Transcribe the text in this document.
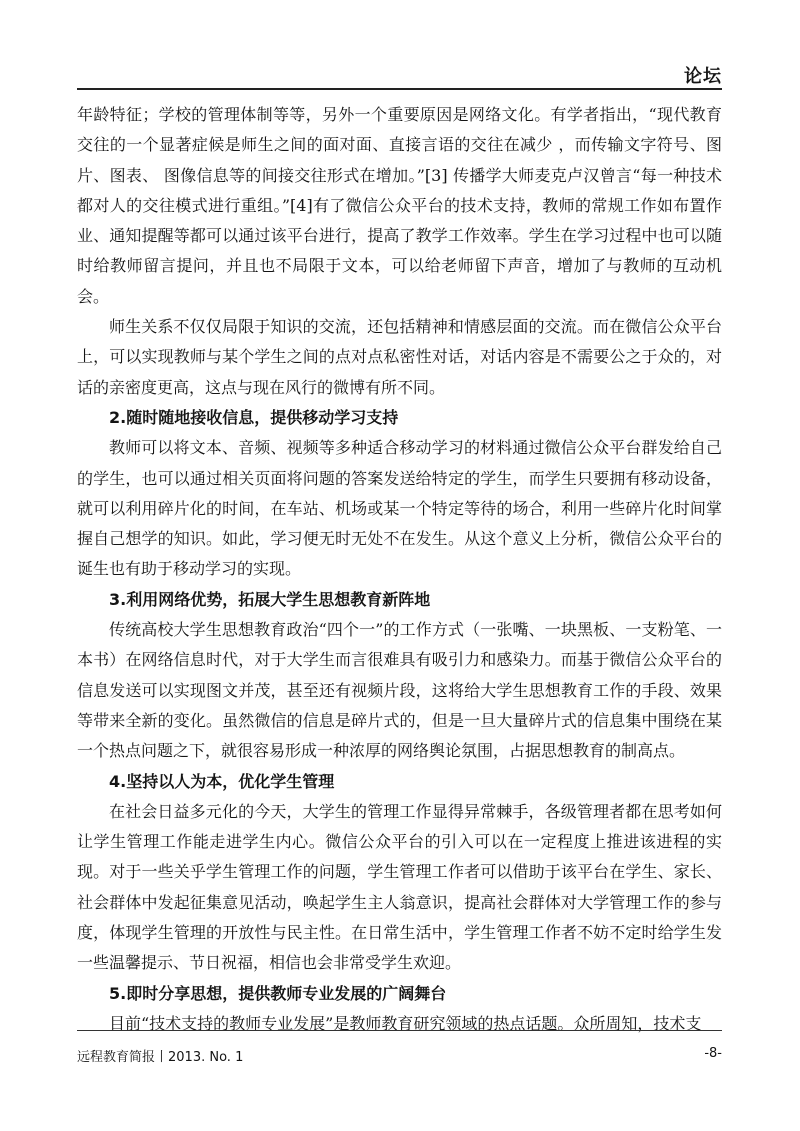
论坛

年龄特征；学校的管理体制等等，另外一个重要原因是网络文化。有学者指出，“现代教育交往的一个显著症候是师生之间的面对面、直接言语的交往在减少 ，而传输文字符号、图片、图表、 图像信息等的间接交往形式在增加。”[3] 传播学大师麦克卢汉曾言“每一种技术都对人的交往模式进行重组。”[4]有了微信公众平台的技术支持，教师的常规工作如布置作业、通知提醒等都可以通过该平台进行，提高了教学工作效率。学生在学习过程中也可以随时给教师留言提问，并且也不局限于文本，可以给老师留下声音，增加了与教师的互动机会。

师生关系不仅仅局限于知识的交流，还包括精神和情感层面的交流。而在微信公众平台上，可以实现教师与某个学生之间的点对点私密性对话，对话内容是不需要公之于众的，对话的亲密度更高，这点与现在风行的微博有所不同。

2.随时随地接收信息，提供移动学习支持

教师可以将文本、音频、视频等多种适合移动学习的材料通过微信公众平台群发给自己的学生，也可以通过相关页面将问题的答案发送给特定的学生，而学生只要拥有移动设备，就可以利用碎片化的时间，在车站、机场或某一个特定等待的场合，利用一些碎片化时间掌握自己想学的知识。如此，学习便无时无处不在发生。从这个意义上分析，微信公众平台的诞生也有助于移动学习的实现。

3.利用网络优势，拓展大学生思想教育新阵地

传统高校大学生思想教育政治“四个一”的工作方式（一张嘴、一块黑板、一支粉笔、一本书）在网络信息时代，对于大学生而言很难具有吸引力和感染力。而基于微信公众平台的信息发送可以实现图文并茂，甚至还有视频片段，这将给大学生思想教育工作的手段、效果等带来全新的变化。虽然微信的信息是碎片式的，但是一旦大量碎片式的信息集中围绕在某一个热点问题之下，就很容易形成一种浓厚的网络舆论氛围，占据思想教育的制高点。

4.坚持以人为本，优化学生管理

在社会日益多元化的今天，大学生的管理工作显得异常棘手，各级管理者都在思考如何让学生管理工作能走进学生内心。微信公众平台的引入可以在一定程度上推进该进程的实现。对于一些关乎学生管理工作的问题，学生管理工作者可以借助于该平台在学生、家长、社会群体中发起征集意见活动，唤起学生主人翁意识，提高社会群体对大学管理工作的参与度，体现学生管理的开放性与民主性。在日常生活中，学生管理工作者不妨不定时给学生发一些温馨提示、节日祝福，相信也会非常受学生欢迎。

5.即时分享思想，提供教师专业发展的广阔舞台

目前“技术支持的教师专业发展”是教师教育研究领域的热点话题。众所周知，技术支

远程教育简报丨2013. No. 1	-8-
